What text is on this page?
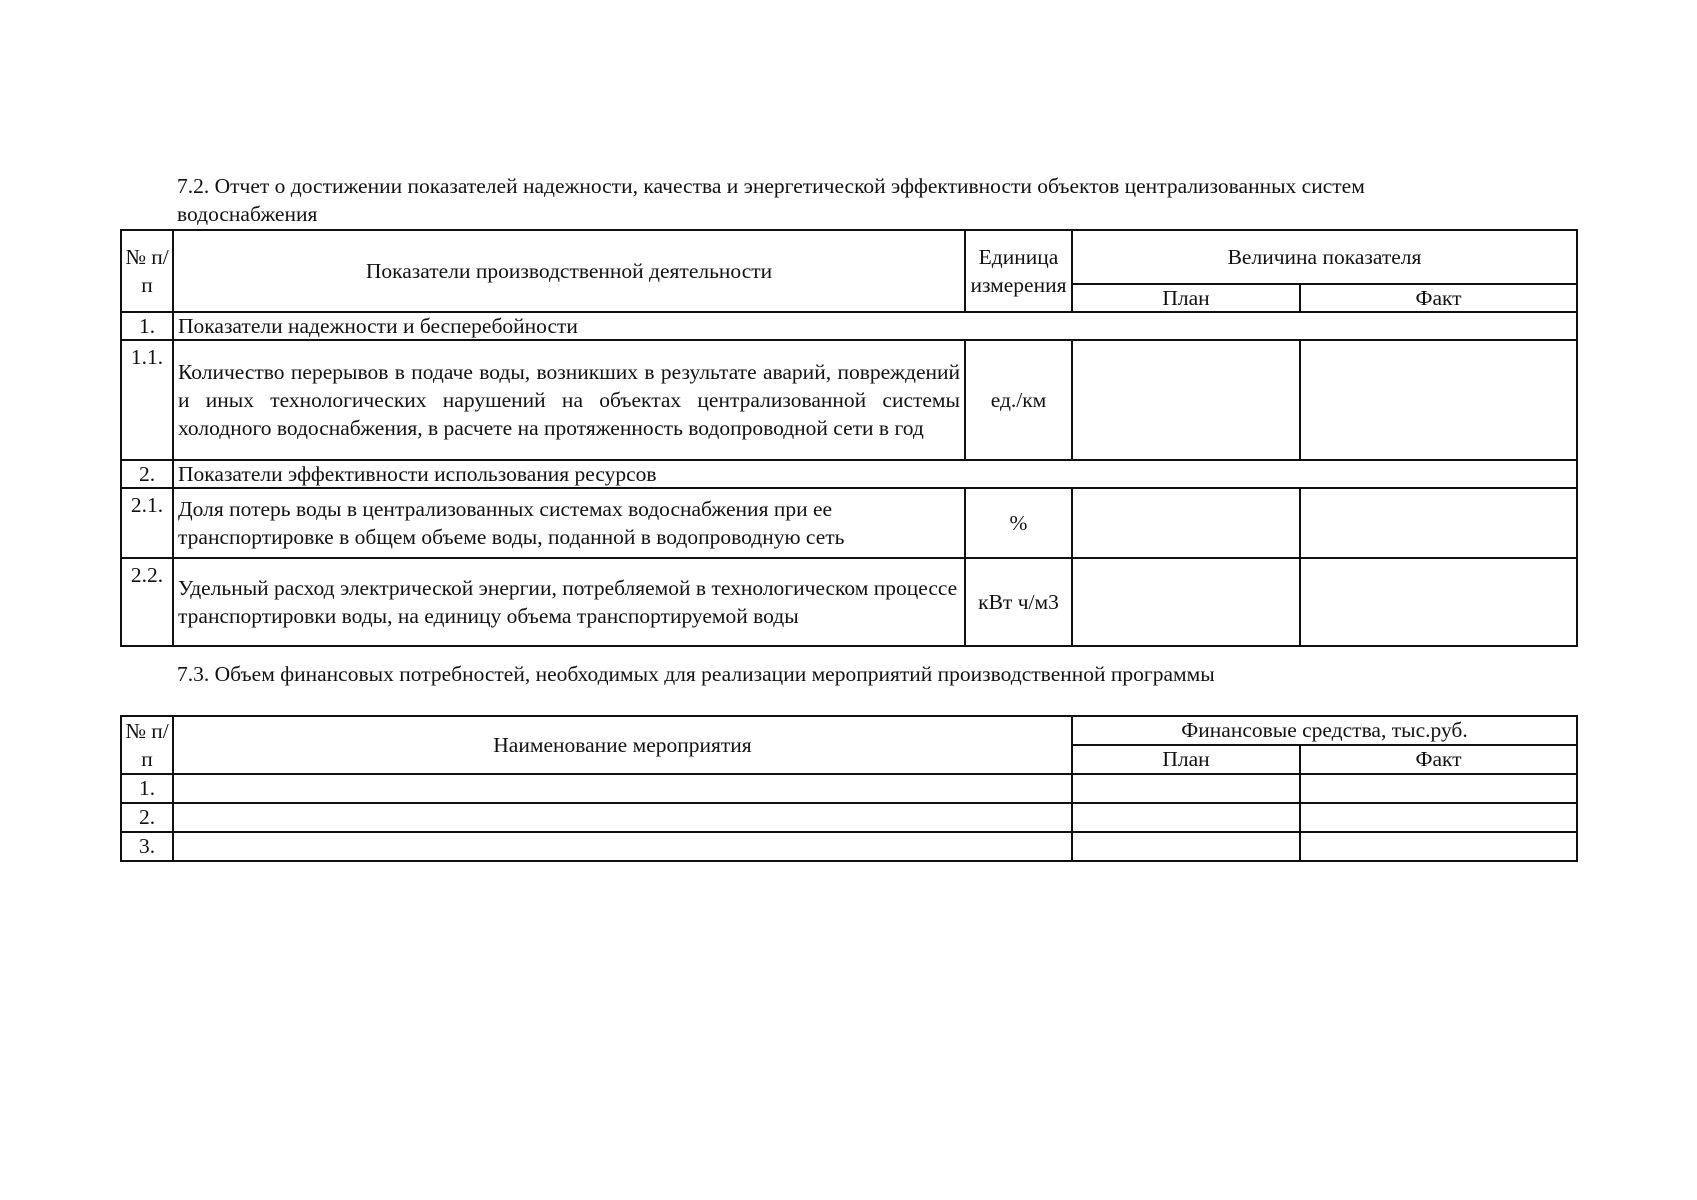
7.2. Отчет о достижении показателей надежности, качества и энергетической эффективности объектов централизованных систем водоснабжения
№ п/п	Показатели производственной деятельности	Единица измерения	Величина показателя	
			План	Факт
1.	Показатели надежности и бесперебойности			
1.1.	Количество перерывов в подаче воды, возникших в результате аварий, повреждений и иных технологических нарушений на объектах централизованной системы холодного водоснабжения, в расчете на протяженность водопроводной сети в год	ед./км		
2.	Показатели эффективности использования ресурсов			
2.1.	Доля потерь воды в централизованных системах водоснабжения при ее транспортировке в общем объеме воды, поданной в водопроводную сеть	%		
2.2.	Удельный расход электрической энергии, потребляемой в технологическом процессе транспортировки воды, на единицу объема транспортируемой воды	кВт ч/м3		
7.3. Объем финансовых потребностей, необходимых для реализации мероприятий производственной программы
№ п/п	Наименование мероприятия	Финансовые средства, тыс.руб.	
		План	Факт
1.			
2.			
3.			
